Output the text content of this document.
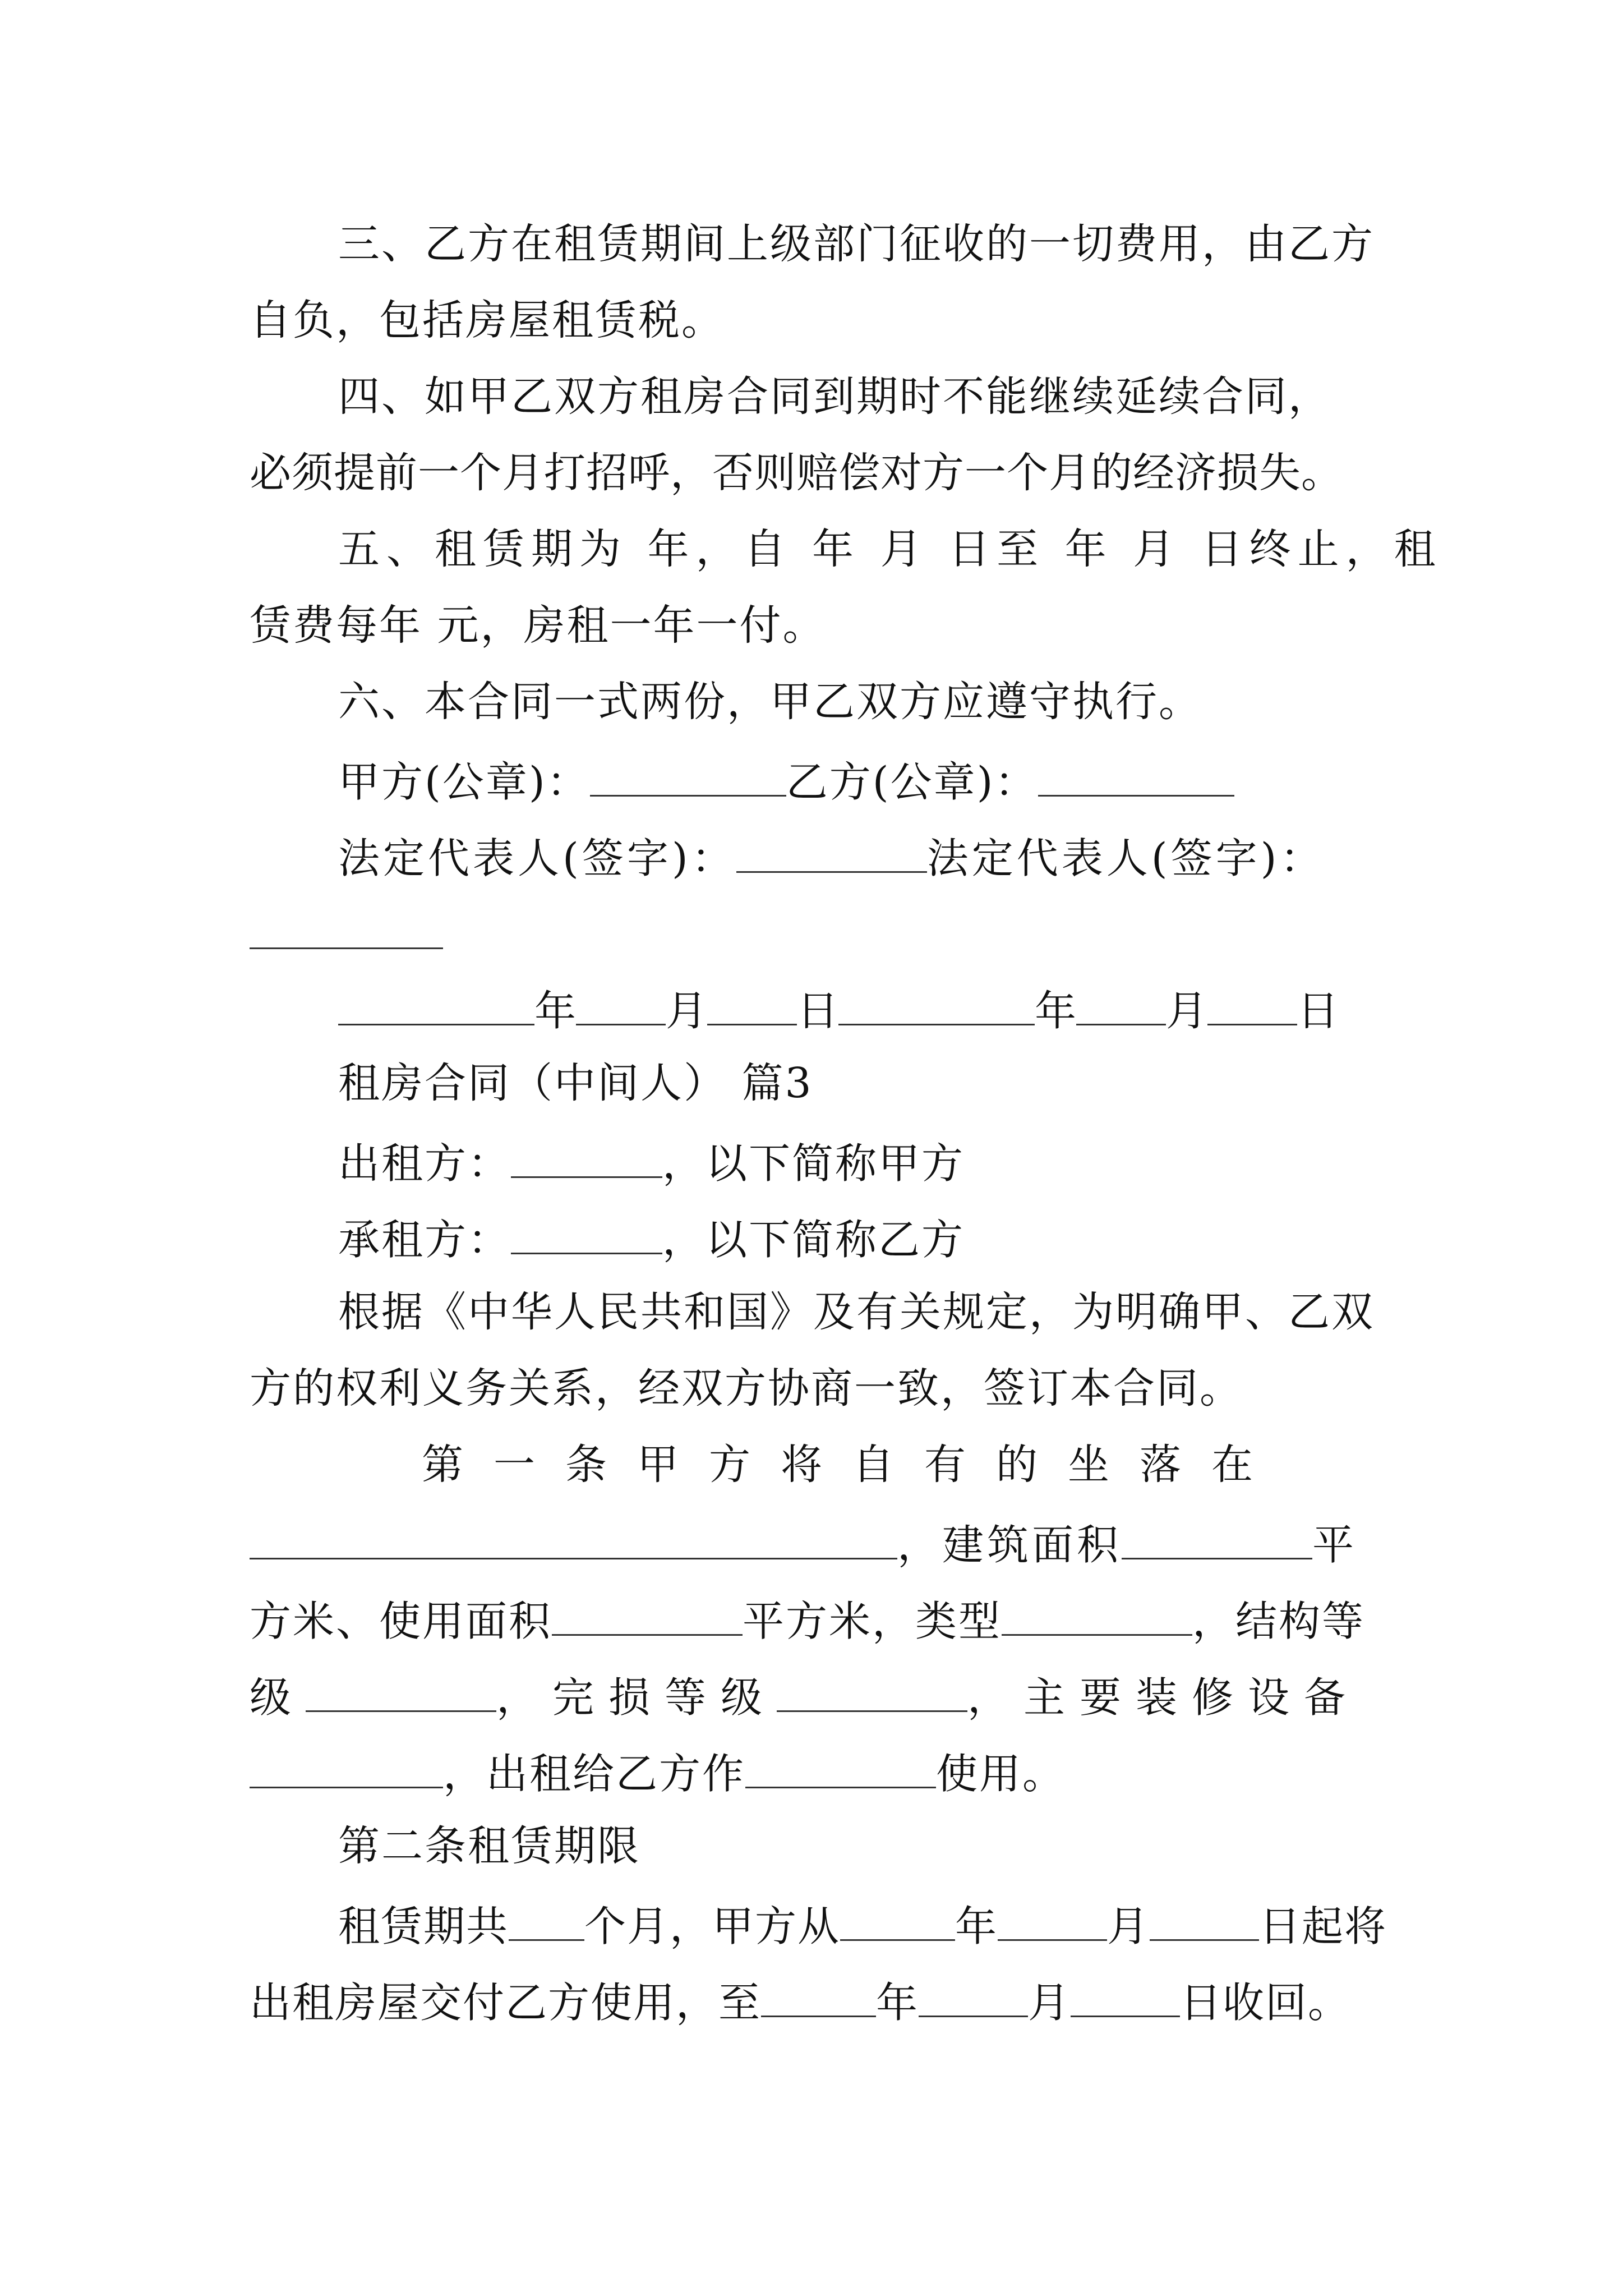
三、乙方在租赁期间上级部门征收的一切费用，由乙方
自负，包括房屋租赁税。
四、如甲乙双方租房合同到期时不能继续延续合同，
必须提前一个月打招呼，否则赔偿对方一个月的经济损失。
五、租赁期为 年，自 年 月 日至 年 月 日终止，租
赁费每年 元，房租一年一付。
六、本合同一式两份，甲乙双方应遵守执行。
甲方(公章)：	乙方(公章)：
法定代表人(签字)：	法定代表人(签字)：
年 月 日	年 月 日
租房合同（中间人） 篇3
出租方：	，以下简称甲方
承租方：	，以下简称乙方
根据《中华人民共和国》及有关规定，为明确甲、乙双
方的权利义务关系，经双方协商一致，签订本合同。
第一条甲方将自有的坐落在
，建筑面积	平
方米、使用面积	平方米，类型	，结构等
级	，完损等级	，主要装修设备
，出租给乙方作	使用。
第二条租赁期限
租赁期共 个月，甲方从	年	月	日起将
出租房屋交付乙方使用，至	年	月	日收回。
